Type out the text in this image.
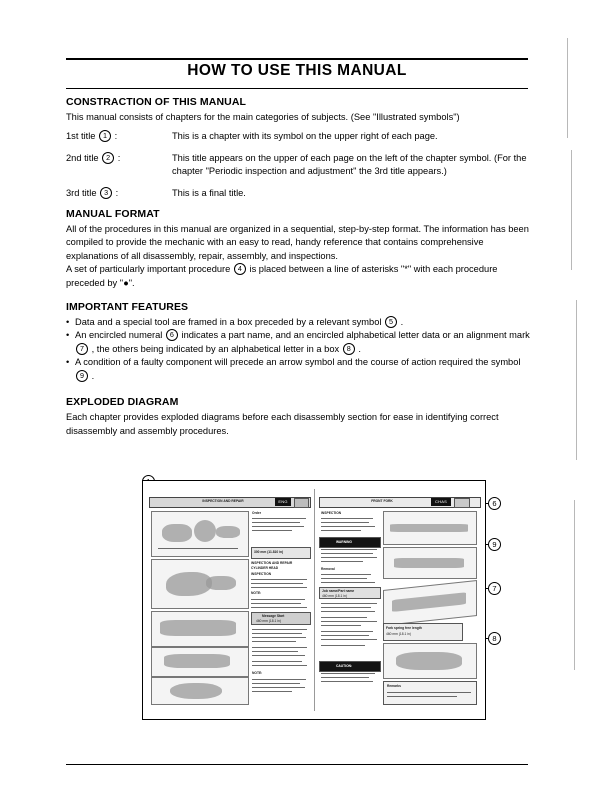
HOW TO USE THIS MANUAL
CONSTRACTION OF THIS MANUAL

This manual consists of chapters for the main categories of subjects. (See "Illustrated symbols")

1st title 1 :	This is a chapter with its symbol on the upper right of each page.
2nd title 2 :	This title appears on the upper of each page on the left of the chapter symbol. (For the chapter "Periodic inspection and adjustment" the 3rd title appears.)
3rd title 3 :	This is a final title.
MANUAL FORMAT

All of the procedures in this manual are organized in a sequential, step-by-step format. The information has been compiled to provide the mechanic with an easy to read, handy reference that contains comprehensive explanations of all disassembly, repair, assembly, and inspections.

A set of particularly important procedure 4 is placed between a line of asterisks "*" with each procedure preceded by "●".

IMPORTANT FEATURES
• Data and a special tool are framed in a box preceded by a relevant symbol 5 .
• An encircled numeral 6 indicates a part name, and an encircled alphabetical letter data or an alignment mark 7 , the others being indicated by an alphabetical letter in a box 8 .
• A condition of a faulty component will precede an arrow symbol and the course of action required the symbol 9 .
EXPLODED DIAGRAM

Each chapter provides exploded diagrams before each disassembly section for ease in identifying correct disassembly and assembly procedures.

6
7
8
9
INSPECTION AND REPAIR	ENG	FRONT FORK	CHAS
Order
300 mm (11.810 in)
INSPECTION AND REPAIR
CYLINDER HEAD
INSPECTION
NOTE:
Message Start
460 mm (18.1 in)
NOTE:
INSPECTION
WARNING
Removal
Job name/Part name
460 mm (18.1 in)
Fork spring free length
460 mm (18.1 in)
CAUTION:
Remarks
